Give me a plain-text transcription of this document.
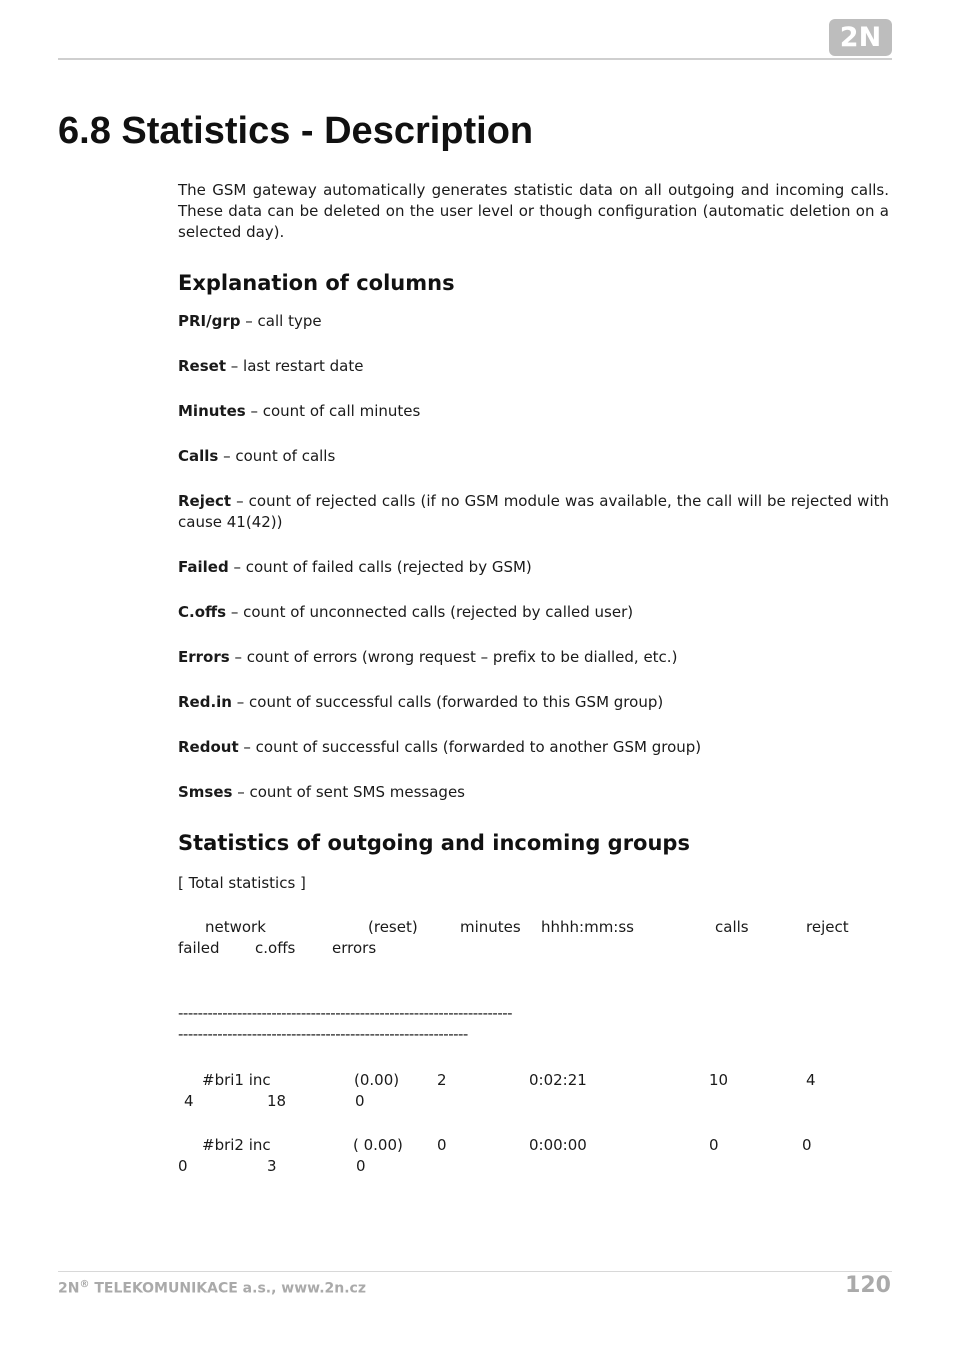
2N
6.8 Statistics - Description

The GSM gateway automatically generates statistic data on all outgoing and incoming calls. These data can be deleted on the user level or though configuration (automatic deletion on a selected day).

Explanation of columns

PRI/grp – call type

Reset – last restart date

Minutes – count of call minutes

Calls – count of calls

Reject – count of rejected calls (if no GSM module was available, the call will be rejected with cause 41(42))

Failed – count of failed calls (rejected by GSM)

C.offs – count of unconnected calls (rejected by called user)

Errors – count of errors (wrong request – prefix to be dialled, etc.)

Red.in – count of successful calls (forwarded to this GSM group)

Redout – count of successful calls (forwarded to another GSM group)

Smses – count of sent SMS messages

Statistics of outgoing and incoming groups

[ Total statistics ]

network	(reset)	minutes hhhh:mm:ss	calls	reject
failed c.offs errors

--------------------------------------------------------------------

-----------------------------------------------------------

#bri1 inc	(0.00)	2	0:02:21	10	4
4	18	0
#bri2 inc	( 0.00) 0	0:00:00	0	0
0	3	0
2N® TELEKOMUNIKACE a.s., www.2n.cz	120
